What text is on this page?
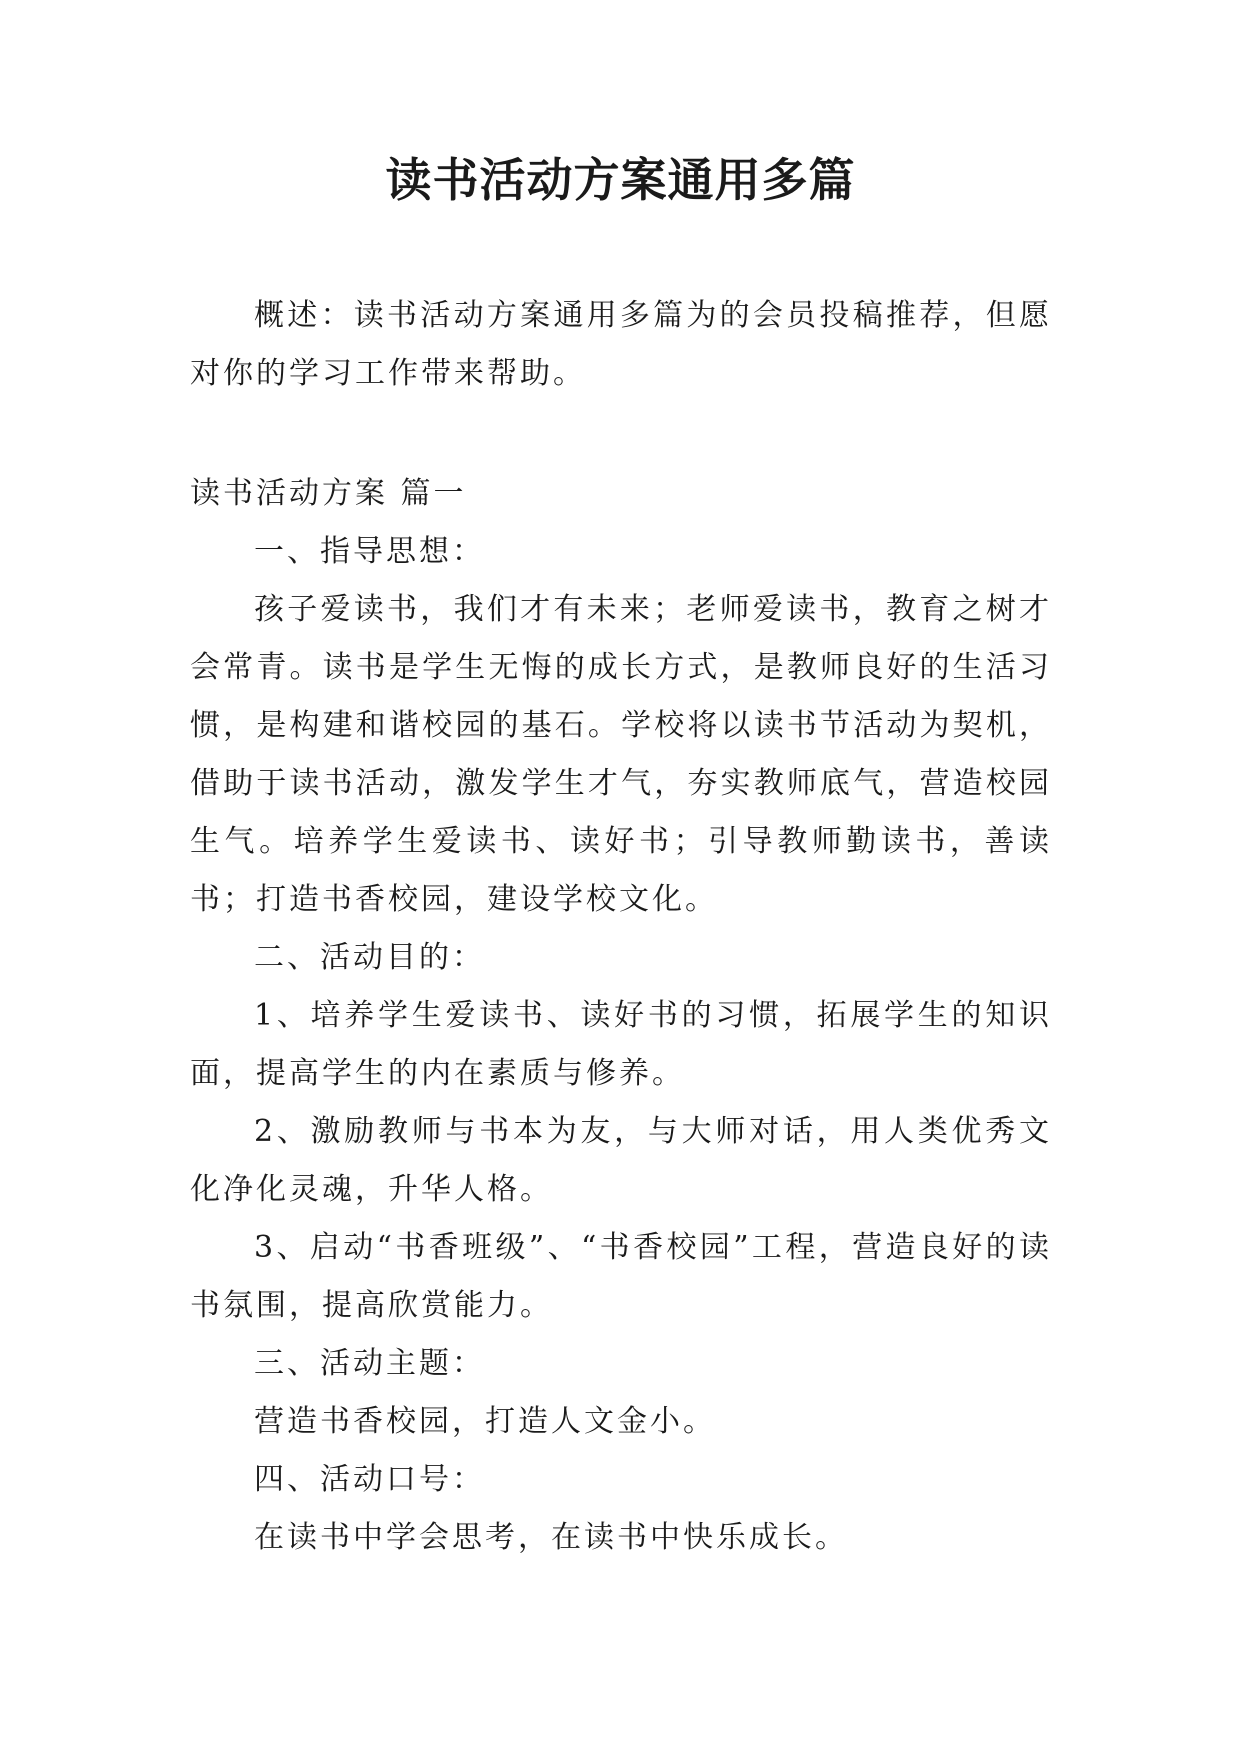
读书活动方案通用多篇

概述：读书活动方案通用多篇为的会员投稿推荐，但愿对你的学习工作带来帮助。

读书活动方案 篇一

一、指导思想：

孩子爱读书，我们才有未来；老师爱读书，教育之树才会常青。读书是学生无悔的成长方式，是教师良好的生活习惯，是构建和谐校园的基石。学校将以读书节活动为契机，借助于读书活动，激发学生才气，夯实教师底气，营造校园生气。培养学生爱读书、读好书；引导教师勤读书，善读书；打造书香校园，建设学校文化。

二、活动目的：

1、培养学生爱读书、读好书的习惯，拓展学生的知识面，提高学生的内在素质与修养。

2、激励教师与书本为友，与大师对话，用人类优秀文化净化灵魂，升华人格。

3、启动“书香班级”、“书香校园”工程，营造良好的读书氛围，提高欣赏能力。

三、活动主题：

营造书香校园，打造人文金小。

四、活动口号：

在读书中学会思考，在读书中快乐成长。
